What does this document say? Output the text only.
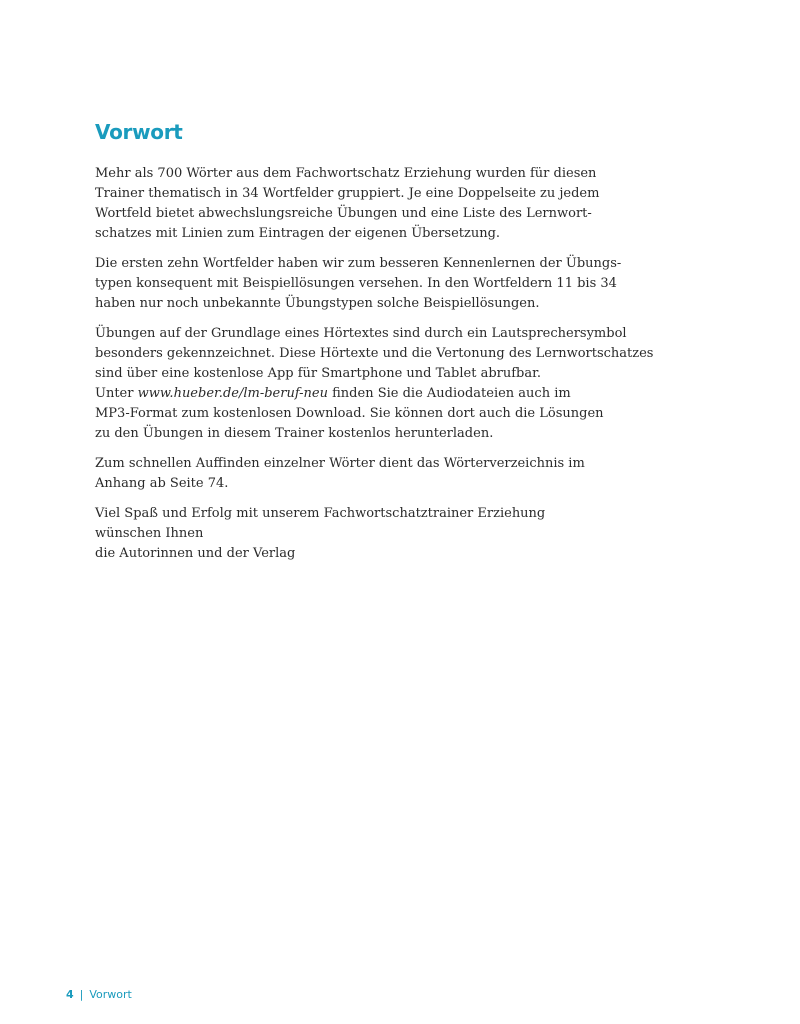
Vorwort

Mehr als 700 Wörter aus dem Fachwortschatz Erziehung wurden für diesen
Trainer thematisch in 34 Wortfelder gruppiert. Je eine Doppelseite zu jedem
Wortfeld bietet abwechslungsreiche Übungen und eine Liste des Lernwort-
schatzes mit Linien zum Eintragen der eigenen Übersetzung.

Die ersten zehn Wortfelder haben wir zum besseren Kennenlernen der Übungs-
typen konsequent mit Beispiellösungen versehen. In den Wortfeldern 11 bis 34
haben nur noch unbekannte Übungstypen solche Beispiellösungen.

Übungen auf der Grundlage eines Hörtextes sind durch ein Lautsprechersymbol
besonders gekennzeichnet. Diese Hörtexte und die Vertonung des Lernwortschatzes
sind über eine kostenlose App für Smartphone und Tablet abrufbar.
Unter www.hueber.de/lm-beruf-neu finden Sie die Audiodateien auch im
MP3-Format zum kostenlosen Download. Sie können dort auch die Lösungen
zu den Übungen in diesem Trainer kostenlos herunterladen.

Zum schnellen Auffinden einzelner Wörter dient das Wörterverzeichnis im
Anhang ab Seite 74.

Viel Spaß und Erfolg mit unserem Fachwortschatztrainer Erziehung
wünschen Ihnen
die Autorinnen und der Verlag

4 | Vorwort
